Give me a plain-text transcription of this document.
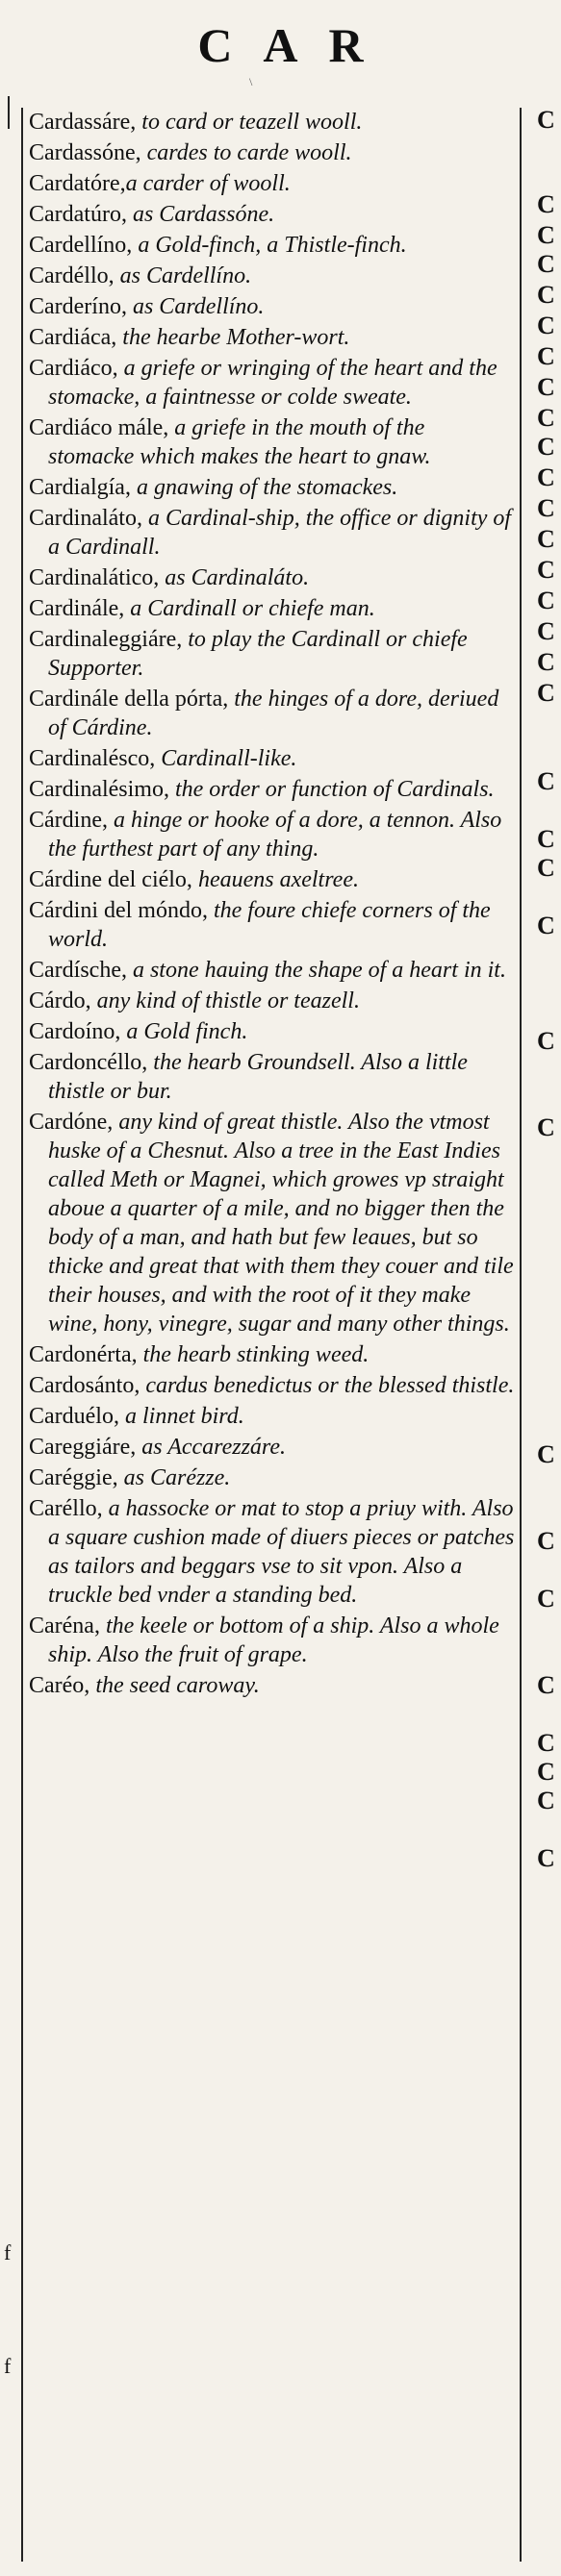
CAR
\
f
f
C
C
C
C
C
C
C
C
C
C
C
C
C
C
C
C
C
C
C
C
C
C
C
C
C
C
C
C
C
C
C
C

Cardassáre, to card or teazell wooll.

Cardassóne, cardes to carde wooll.

Cardatóre,a carder of wooll.

Cardatúro, as Cardassóne.

Cardellíno, a Gold-finch, a Thistle-finch.

Cardéllo, as Cardellíno.

Carderíno, as Cardellíno.

Cardiáca, the hearbe Mother-wort.

Cardiáco, a griefe or wringing of the heart and the stomacke, a faintnesse or colde sweate.

Cardiáco mále, a griefe in the mouth of the stomacke which makes the heart to gnaw.

Cardialgía, a gnawing of the stomackes.

Cardinaláto, a Cardinal-ship, the office or dignity of a Cardinall.

Cardinalático, as Cardinaláto.

Cardinále, a Cardinall or chiefe man.

Cardinaleggiáre, to play the Cardinall or chiefe Supporter.

Cardinále della pórta, the hinges of a dore, deriued of Cárdine.

Cardinalésco, Cardinall-like.

Cardinalésimo, the order or function of Cardinals.

Cárdine, a hinge or hooke of a dore, a tennon. Also the furthest part of any thing.

Cárdine del ciélo, heauens axeltree.

Cárdini del móndo, the foure chiefe corners of the world.

Cardísche, a stone hauing the shape of a heart in it.

Cárdo, any kind of thistle or teazell.

Cardoíno, a Gold finch.

Cardoncéllo, the hearb Groundsell. Also a little thistle or bur.

Cardóne, any kind of great thistle. Also the vtmost huske of a Chesnut. Also a tree in the East Indies called Meth or Magnei, which growes vp straight aboue a quarter of a mile, and no bigger then the body of a man, and hath but few leaues, but so thicke and great that with them they couer and tile their houses, and with the root of it they make wine, hony, vinegre, sugar and many other things.

Cardonérta, the hearb stinking weed.

Cardosánto, cardus benedictus or the blessed thistle.

Carduélo, a linnet bird.

Careggiáre, as Accarezzáre.

Caréggie, as Carézze.

Caréllo, a hassocke or mat to stop a priuy with. Also a square cushion made of diuers pieces or patches as tailors and beggars vse to sit vpon. Also a truckle bed vnder a standing bed.

Caréna, the keele or bottom of a ship. Also a whole ship. Also the fruit of grape.

Caréo, the seed caroway.
